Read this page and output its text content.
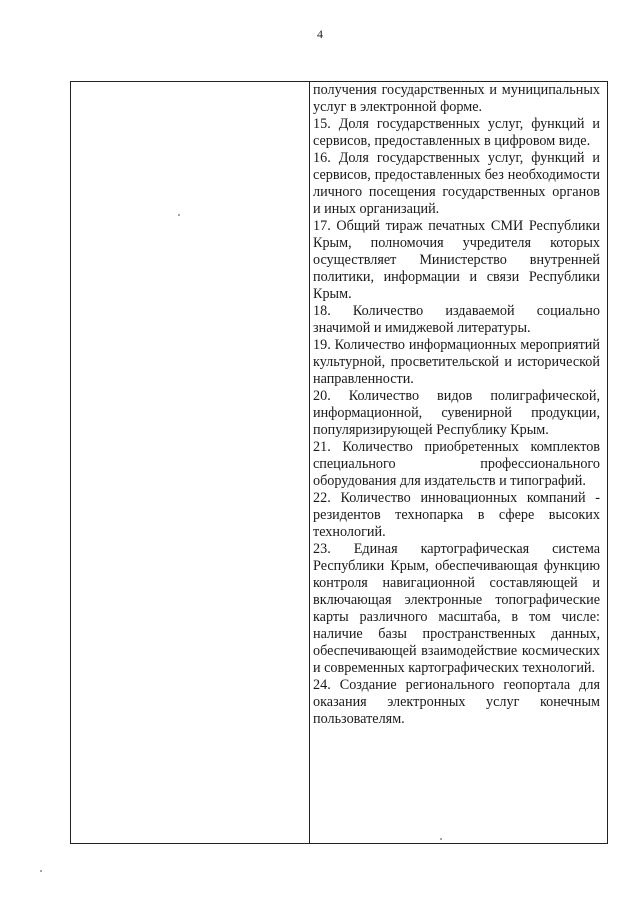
4

получения государственных и муниципальных услуг в электронной форме.

15. Доля государственных услуг, функций и сервисов, предоставленных в цифровом виде.

16. Доля государственных услуг, функций и сервисов, предоставленных без необходимости личного посещения государственных органов и иных организаций.

17. Общий тираж печатных СМИ Республики Крым, полномочия учредителя которых осуществляет Министерство внутренней политики, информации и связи Республики Крым.

18. Количество издаваемой социально значимой и имиджевой литературы.

19. Количество информационных мероприятий культурной, просветительской и исторической направленности.

20. Количество видов полиграфической, информационной, сувенирной продукции, популяризирующей Республику Крым.

21. Количество приобретенных комплектов специального профессионального оборудования для издательств и типографий.

22. Количество инновационных компаний - резидентов технопарка в сфере высоких технологий.

23. Единая картографическая система Республики Крым, обеспечивающая функцию контроля навигационной составляющей и включающая электронные топографические карты различного масштаба, в том числе: наличие базы пространственных данных, обеспечивающей взаимодействие космических и современных картографических технологий.

24. Создание регионального геопортала для оказания электронных услуг конечным пользователям.
